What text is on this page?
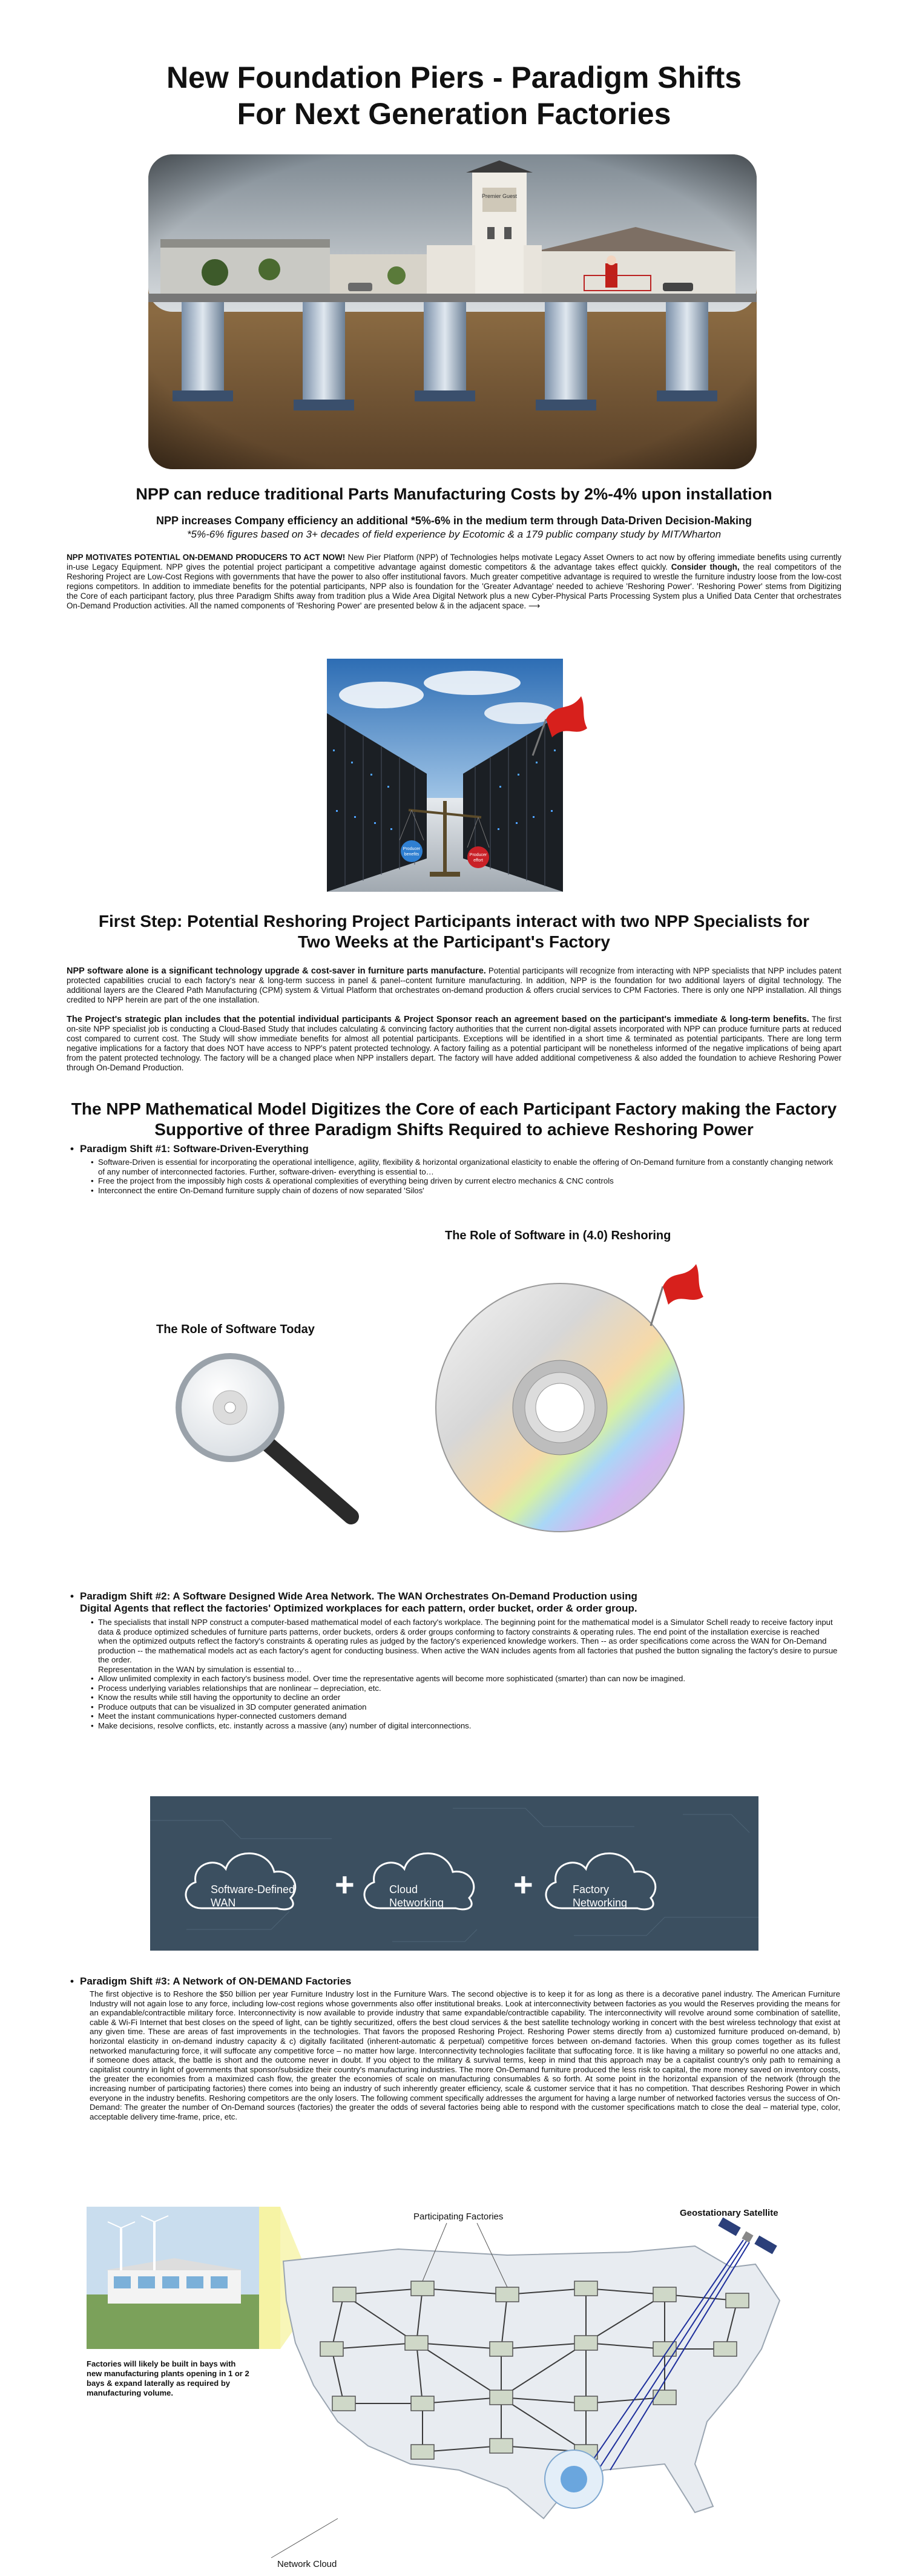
New Foundation Piers - Paradigm Shifts
For Next Generation Factories
NPP can reduce traditional Parts Manufacturing Costs by 2%-4% upon installation
NPP increases Company efficiency an additional *5%-6% in the medium term through Data-Driven Decision-Making
*5%-6% figures based on 3+ decades of field experience by Ecotomic & a 179 public company study by MIT/Wharton
NPP MOTIVATES POTENTIAL ON-DEMAND PRODUCERS TO ACT NOW! New Pier Platform (NPP) of Technologies helps motivate Legacy Asset Owners to act now by offering immediate benefits using currently in-use Legacy Equipment. NPP gives the potential project participant a competitive advantage against domestic competitors & the advantage takes effect quickly. Consider though, the real competitors of the Reshoring Project are Low-Cost Regions with governments that have the power to also offer institutional favors. Much greater competitive advantage is required to wrestle the furniture industry loose from the low-cost regions competitors. In addition to immediate benefits for the potential participants, NPP also is foundation for the 'Greater Advantage' needed to achieve 'Reshoring Power'. 'Reshoring Power' stems from Digitizing the Core of each participant factory, plus three Paradigm Shifts away from tradition plus a Wide Area Digital Network plus a new Cyber-Physical Parts Processing System plus a Unified Data Center that orchestrates On-Demand Production activities. All the named components of 'Reshoring Power' are presented below & in the adjacent space. ⟶
Producer
benefits	Producer
effort
First Step: Potential Reshoring Project Participants interact with two NPP Specialists for
Two Weeks at the Participant's Factory
NPP software alone is a significant technology upgrade & cost-saver in furniture parts manufacture. Potential participants will recognize from interacting with NPP specialists that NPP includes patent protected capabilities crucial to each factory's near & long-term success in panel & panel--content furniture manufacturing. In addition, NPP is the foundation for two additional layers of digital technology. The additional layers are the Cleared Path Manufacturing (CPM) system & Virtual Platform that orchestrates on-demand production & offers crucial services to CPM Factories. There is only one NPP installation. All things credited to NPP herein are part of the one installation.
The Project's strategic plan includes that the potential individual participants & Project Sponsor reach an agreement based on the participant's immediate & long-term benefits. The first on-site NPP specialist job is conducting a Cloud-Based Study that includes calculating & convincing factory authorities that the current non-digital assets incorporated with NPP can produce furniture parts at reduced cost compared to current cost. The Study will show immediate benefits for almost all potential participants. Exceptions will be identified in a short time & terminated as potential participants. There are long term negative implications for a factory that does NOT have access to NPP's patent protected technology. A factory failing as a potential participant will be nonetheless informed of the negative implications of being apart from the patent protected technology. The factory will be a changed place when NPP installers depart. The factory will have added additional competiveness & also added the foundation to achieve Reshoring Power through On-Demand Production.
The NPP Mathematical Model Digitizes the Core of each Participant Factory making the Factory
Supportive of three Paradigm Shifts Required to achieve Reshoring Power
• Paradigm Shift #1: Software-Driven-Everything
• Software-Driven is essential for incorporating the operational intelligence, agility, flexibility & horizontal organizational elasticity to enable the offering of On-Demand furniture from a constantly changing network of any number of interconnected factories. Further, software-driven- everything is essential to…
• Free the project from the impossibly high costs & operational complexities of everything being driven by current electro mechanics & CNC controls
• Interconnect the entire On-Demand furniture supply chain of dozens of now separated 'Silos'
The Role of Software in (4.0) Reshoring
The Role of Software Today
• Paradigm Shift #2: A Software Designed Wide Area Network. The WAN Orchestrates On-Demand Production using
Digital Agents that reflect the factories' Optimized workplaces for each pattern, order bucket, order & order group.
• The specialists that install NPP construct a computer-based mathematical model of each factory's workplace. The beginning point for the mathematical model is a Simulator Schell ready to receive factory input data & produce optimized schedules of furniture parts patterns, order buckets, orders & order groups conforming to factory constraints & operating rules. The end point of the installation exercise is reached when the optimized outputs reflect the factory's constraints & operating rules as judged by the factory's experienced knowledge workers. Then -- as order specifications come across the WAN for On-Demand production -- the mathematical models act as each factory's agent for conducting business. When active the WAN includes agents from all factories that pushed the button signaling the factory's desire to pursue the order.
Representation in the WAN by simulation is essential to…
• Allow unlimited complexity in each factory's business model. Over time the representative agents will become more sophisticated (smarter) than can now be imagined.
• Process underlying variables relationships that are nonlinear – depreciation, etc.
• Know the results while still having the opportunity to decline an order
• Produce outputs that can be visualized in 3D computer generated animation
• Meet the instant communications hyper-connected customers demand
• Make decisions, resolve conflicts, etc. instantly across a massive (any) number of digital interconnections.
Software-Defined
WAN
Cloud
Networking
Factory
Networking
+	+
• Paradigm Shift #3: A Network of ON-DEMAND Factories
The first objective is to Reshore the $50 billion per year Furniture Industry lost in the Furniture Wars. The second objective is to keep it for as long as there is a decorative panel industry. The American Furniture Industry will not again lose to any force, including low-cost regions whose governments also offer institutional breaks. Look at interconnectivity between factories as you would the Reserves providing the means for an expandable/contractible military force. Interconnectivity is now available to provide industry that same expandable/contractible capability. The interconnectivity will revolve around some combination of satellite, cable & Wi-Fi Internet that best closes on the speed of light, can be tightly securitized, offers the best cloud services & the best satellite technology working in concert with the best wireless technology that exist at any given time. These are areas of fast improvements in the technologies. That favors the proposed Reshoring Project. Reshoring Power stems directly from a) customized furniture produced on-demand, b) horizontal elasticity in on-demand industry capacity & c) digitally facilitated (inherent-automatic & perpetual) competitive forces between on-demand factories. When this group comes together as its fullest networked manufacturing force, it will suffocate any competitive force – no matter how large. Interconnectivity technologies facilitate that suffocating force. It is like having a military so powerful no one attacks and, if someone does attack, the battle is short and the outcome never in doubt. If you object to the military & survival terms, keep in mind that this approach may be a capitalist country's only path to remaining a capitalist country in light of governments that sponsor/subsidize their country's manufacturing industries. The more On-Demand furniture produced the less risk to capital, the more money saved on inventory costs, the greater the economies from a maximized cash flow, the greater the economies of scale on manufacturing consumables & so forth. At some point in the horizontal expansion of the network (through the increasing number of participating factories) there comes into being an industry of such inherently greater efficiency, scale & customer service that it has no competition. That describes Reshoring Power in which everyone in the industry benefits. Reshoring competitors are the only losers. The following comment specifically addresses the argument for having a large number of networked factories versus the success of On-Demand: The greater the number of On-Demand sources (factories) the greater the odds of several factories being able to respond with the customer specifications match to close the deal – material type, color, acceptable delivery time-frame, price, etc.
Participating Factories	Geostationary Satellite
Network Cloud
Factories will likely be built in bays with new manufacturing plants opening in 1 or 2 bays & expand laterally as required by manufacturing volume.
